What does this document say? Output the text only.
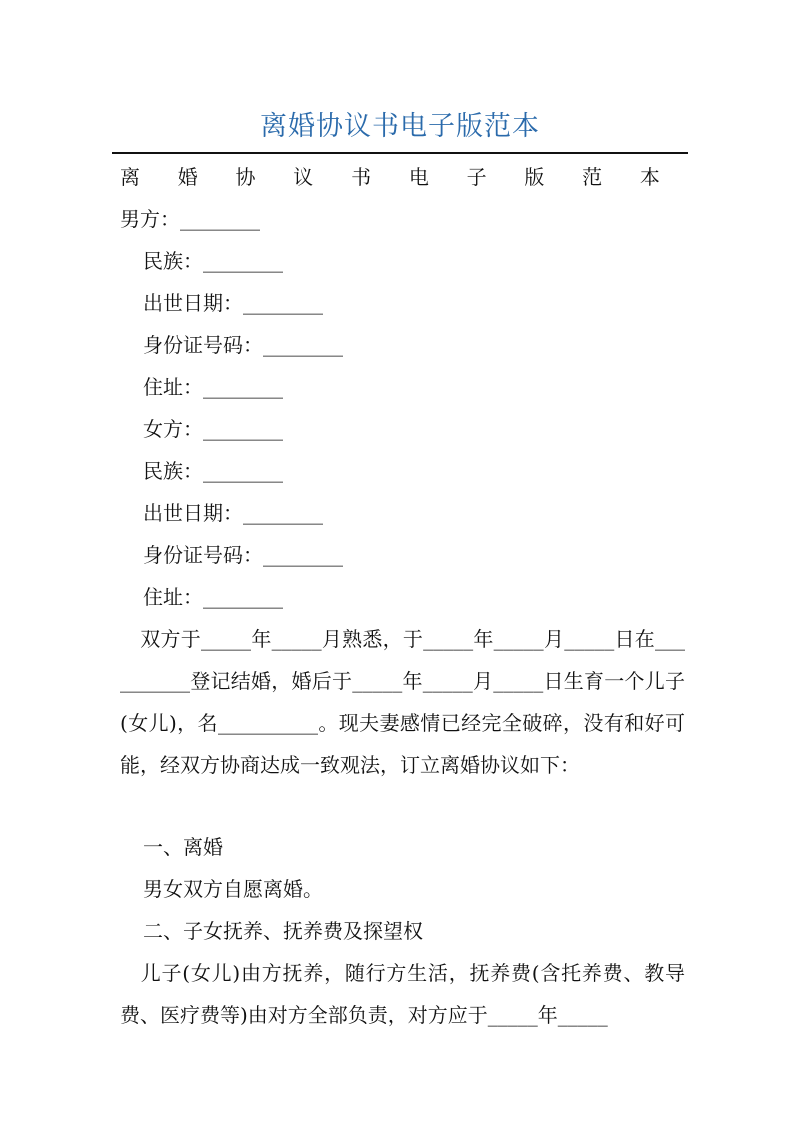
离婚协议书电子版范本
离 婚 协 议 书 电 子 版 范 本
男方：________
民族：________
出世日期：________
身份证号码：________
住址：________
女方：________
民族：________
出世日期：________
身份证号码：________
住址：________
　双方于_____年_____月熟悉，于_____年_____月_____日在__________登记结婚，婚后于_____年_____月_____日生育一个儿子(女儿)，名__________。现夫妻感情已经完全破碎，没有和好可能，经双方协商达成一致观法，订立离婚协议如下：
一、离婚
男女双方自愿离婚。
二、子女抚养、抚养费及探望权
　儿子(女儿)由方抚养，随行方生活，抚养费(含托养费、教导费、医疗费等)由对方全部负责，对方应于_____年_____
